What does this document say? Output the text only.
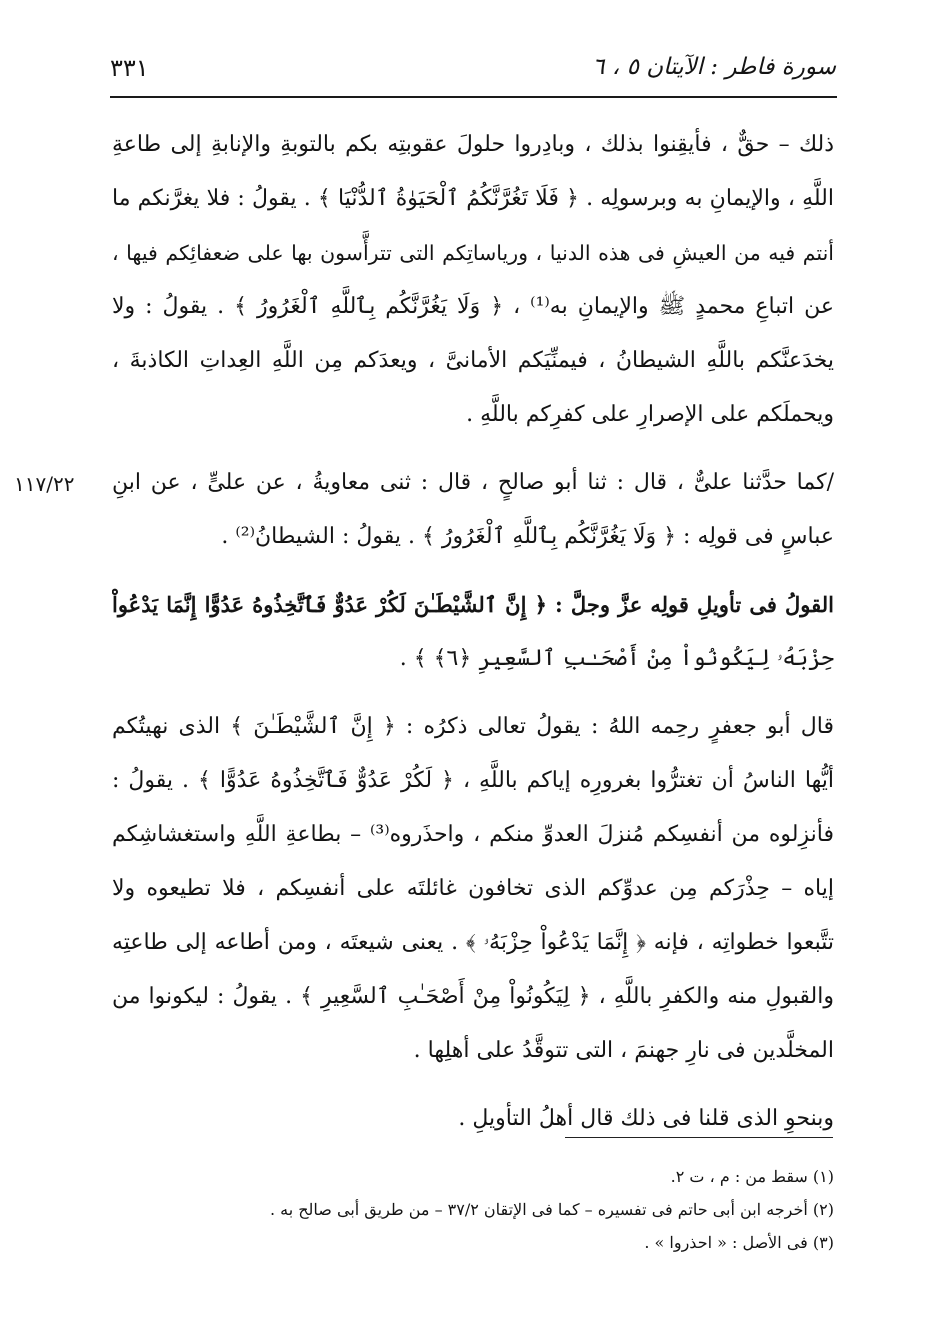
سورة فاطر : الآيتان ٥ ، ٦
٣٣١
ذلك – حقٌّ ، فأيقِنوا بذلك ، وبادِروا حلولَ عقوبتِه بكم بالتوبةِ والإنابةِ إلى طاعةِ
اللَّهِ ، والإيمانِ به وبرسولِه . ﴿ فَلَا تَغُرَّنَّكُمُ ٱلْحَيَوٰةُ ٱلدُّنْيَا ﴾ . يقولُ : فلا يغرَّنكم ما
أنتم فيه من العيشِ فى هذه الدنيا ، ورياساتِكم التى تترأَّسون بها على ضعفائِكم فيها ،
عن اتباعِ محمدٍ ﷺ والإيمانِ به⁽¹⁾ ، ﴿ وَلَا يَغُرَّنَّكُم بِٱللَّهِ ٱلْغَرُورُ ﴾ . يقولُ : ولا
يخدَعنَّكم باللَّهِ الشيطانُ ، فيمنِّيَكم الأمانىَّ ، ويعدَكم مِن اللَّهِ العِداتِ الكاذبةَ ،
ويحملَكم على الإصرارِ على كفرِكم باللَّهِ .
/كما حدَّثنا علىٌّ ، قال : ثنا أبو صالحٍ ، قال : ثنى معاويةُ ، عن علىٍّ ، عن ابنِ
عباسٍ فى قولِه : ﴿ وَلَا يَغُرَّنَّكُم بِٱللَّهِ ٱلْغَرُورُ ﴾ . يقولُ : الشيطانُ⁽²⁾ .
القولُ فى تأويلِ قولِه عزَّ وجلَّ : ﴿ إِنَّ ٱلشَّيْطَـٰنَ لَكُرْ عَدُوٌّ فَٱتَّخِذُوهُ عَدُوًّا إِنَّمَا يَدْعُواْ
حِزْبَهُۥ لِيَكُونُواْ مِنْ أَصْحَـٰبِ ٱلسَّعِيرِ ﴿٦﴾ ﴾ .
قال أبو جعفرٍ رحِمه اللهُ : يقولُ تعالى ذكرُه : ﴿ إِنَّ ٱلشَّيْطَـٰنَ ﴾ الذى نهيتُكم
أيُّها الناسُ أن تغترُّوا بغرورِه إياكم باللَّهِ ، ﴿ لَكُرْ عَدُوٌّ فَٱتَّخِذُوهُ عَدُوًّا ﴾ . يقولُ :
فأنزِلوه من أنفسِكم مُنزلَ العدوِّ منكم ، واحذَروه⁽³⁾ – بطاعةِ اللَّهِ واستغشاشِكم
إياه – حِذْرَكم مِن عدوِّكم الذى تخافون غائلتَه على أنفسِكم ، فلا تطيعوه ولا
تتَّبعوا خطواتِه ، فإنه ﴿ إِنَّمَا يَدْعُواْ حِزْبَهُۥ ﴾ . يعنى شيعتَه ، ومن أطاعه إلى طاعتِه
والقبولِ منه والكفرِ باللَّهِ ، ﴿ لِيَكُونُواْ مِنْ أَصْحَـٰبِ ٱلسَّعِيرِ ﴾ . يقولُ : ليكونوا من
المخلَّدين فى نارِ جهنمَ ، التى تتوقَّدُ على أهلِها .
وبنحوِ الذى قلنا فى ذلك قال أهلُ التأويلِ .
١١٧/٢٢
(١) سقط من : م ، ت ٢.
(٢) أخرجه ابن أبى حاتم فى تفسيره – كما فى الإتقان ٣٧/٢ – من طريق أبى صالح به .
(٣) فى الأصل : « احذروا » .
